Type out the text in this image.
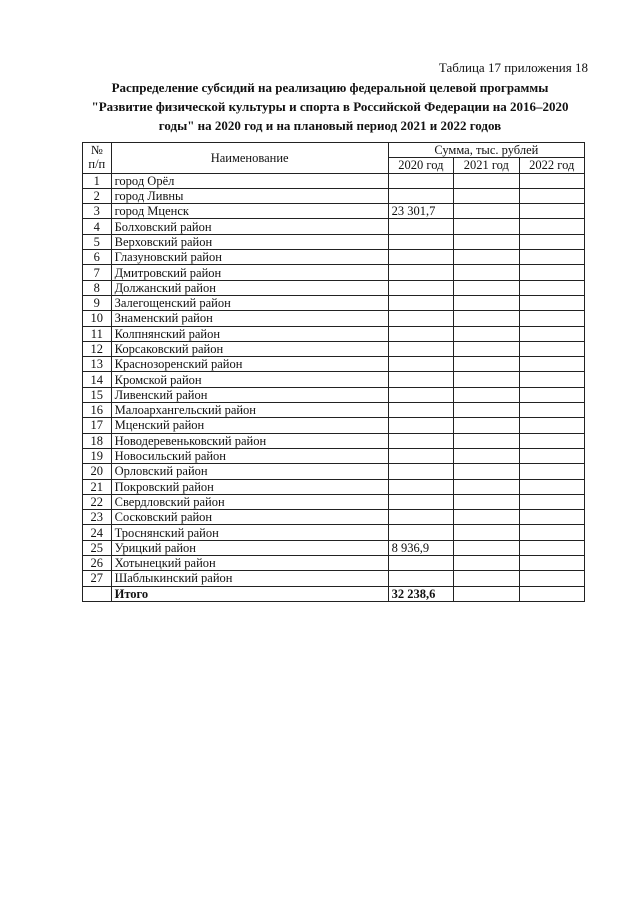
Таблица 17 приложения 18
Распределение субсидий на реализацию федеральной целевой программы "Развитие физической культуры и спорта в Российской Федерации на 2016–2020 годы" на 2020 год и на плановый период 2021 и 2022 годов
№
п/п	Наименование	Сумма, тыс. рублей		
		2020 год	2021 год	2022 год
1	город Орёл			
2	город Ливны			
3	город Мценск	23 301,7		
4	Болховский район			
5	Верховский район			
6	Глазуновский район			
7	Дмитровский район			
8	Должанский район			
9	Залегощенский район			
10	Знаменский район			
11	Колпнянский район			
12	Корсаковский район			
13	Краснозоренский район			
14	Кромской район			
15	Ливенский район			
16	Малоархангельский район			
17	Мценский район			
18	Новодеревеньковский район			
19	Новосильский район			
20	Орловский район			
21	Покровский район			
22	Свердловский район			
23	Сосковский район			
24	Троснянский район			
25	Урицкий район	8 936,9		
26	Хотынецкий район			
27	Шаблыкинский район			
	Итого	32 238,6		
